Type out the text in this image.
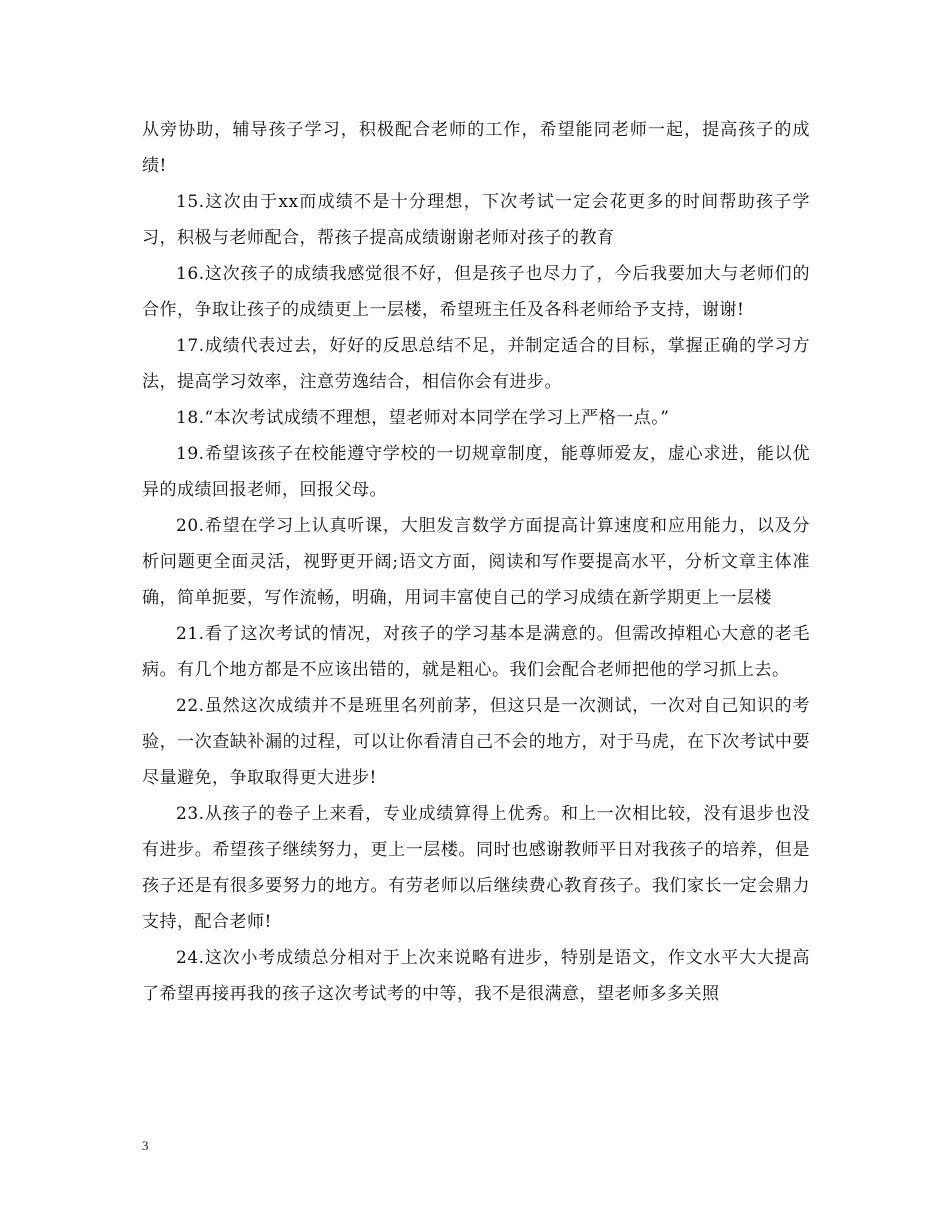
从旁协助，辅导孩子学习，积极配合老师的工作，希望能同老师一起，提高孩子的成绩!

15.这次由于xx而成绩不是十分理想，下次考试一定会花更多的时间帮助孩子学习，积极与老师配合，帮孩子提高成绩谢谢老师对孩子的教育

16.这次孩子的成绩我感觉很不好，但是孩子也尽力了，今后我要加大与老师们的合作，争取让孩子的成绩更上一层楼，希望班主任及各科老师给予支持，谢谢!

17.成绩代表过去，好好的反思总结不足，并制定适合的目标，掌握正确的学习方法，提高学习效率，注意劳逸结合，相信你会有进步。

18.“本次考试成绩不理想，望老师对本同学在学习上严格一点。”

19.希望该孩子在校能遵守学校的一切规章制度，能尊师爱友，虚心求进，能以优异的成绩回报老师，回报父母。

20.希望在学习上认真听课，大胆发言数学方面提高计算速度和应用能力，以及分析问题更全面灵活，视野更开阔;语文方面，阅读和写作要提高水平，分析文章主体准确，简单扼要，写作流畅，明确，用词丰富使自己的学习成绩在新学期更上一层楼

21.看了这次考试的情况，对孩子的学习基本是满意的。但需改掉粗心大意的老毛病。有几个地方都是不应该出错的，就是粗心。我们会配合老师把他的学习抓上去。

22.虽然这次成绩并不是班里名列前茅，但这只是一次测试，一次对自己知识的考验，一次查缺补漏的过程，可以让你看清自己不会的地方，对于马虎，在下次考试中要尽量避免，争取取得更大进步!

23.从孩子的卷子上来看，专业成绩算得上优秀。和上一次相比较，没有退步也没有进步。希望孩子继续努力，更上一层楼。同时也感谢教师平日对我孩子的培养，但是孩子还是有很多要努力的地方。有劳老师以后继续费心教育孩子。我们家长一定会鼎力支持，配合老师!

24.这次小考成绩总分相对于上次来说略有进步，特别是语文，作文水平大大提高了希望再接再我的孩子这次考试考的中等，我不是很满意，望老师多多关照

3
